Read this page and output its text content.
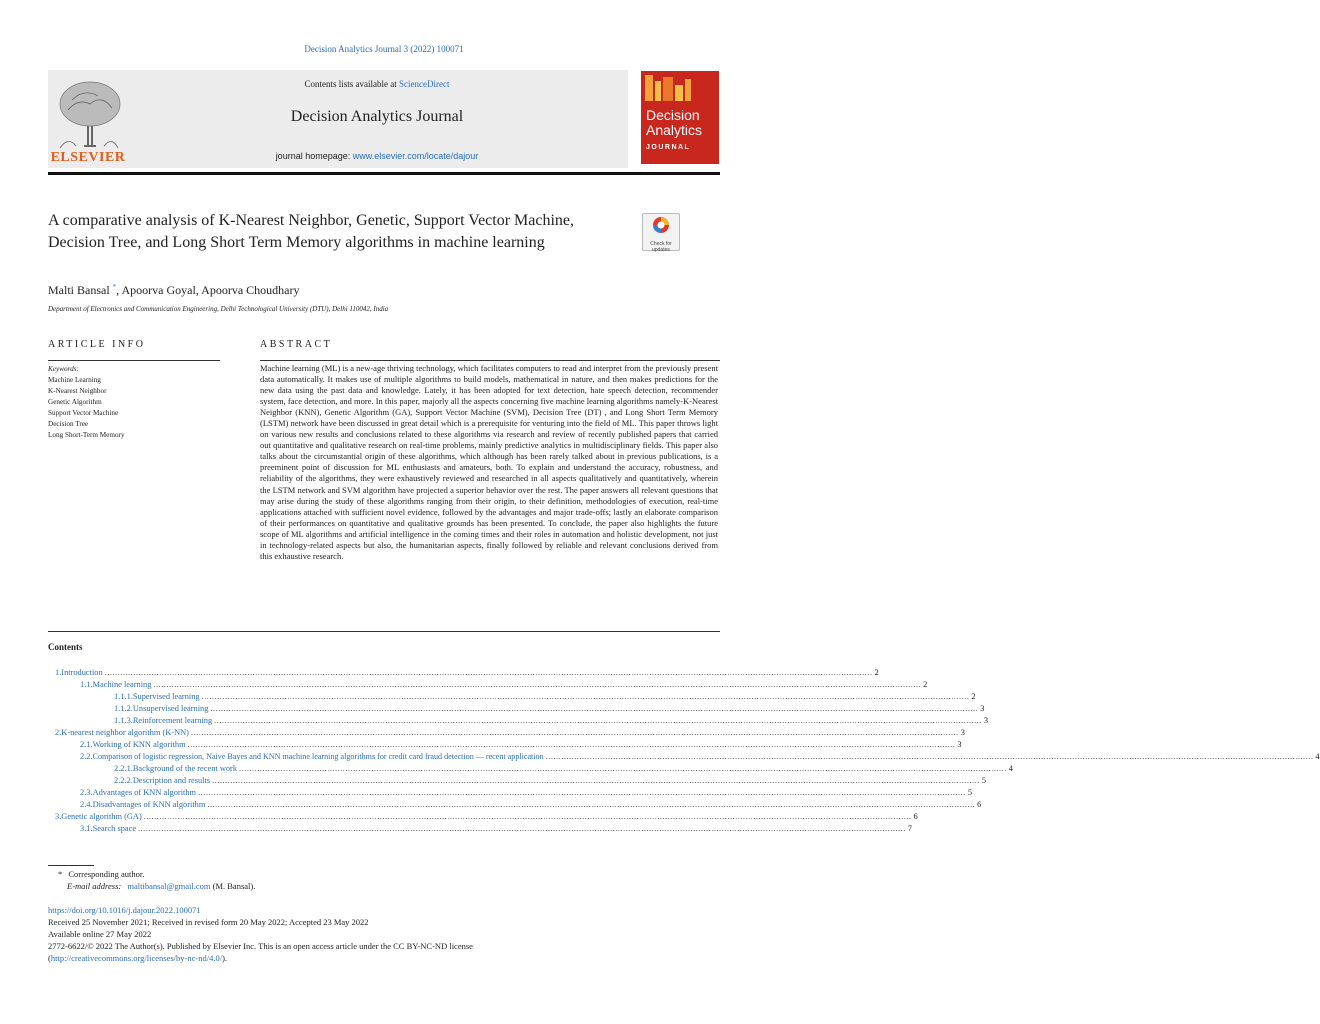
Decision Analytics Journal 3 (2022) 100071
ELSEVIER
Contents lists available at ScienceDirect
Decision Analytics Journal
journal homepage: www.elsevier.com/locate/dajour
Decision
Analytics
JOURNAL
A comparative analysis of K-Nearest Neighbor, Genetic, Support Vector Machine, Decision Tree, and Long Short Term Memory algorithms in machine learning	Check for
updates
Malti Bansal *, Apoorva Goyal, Apoorva Choudhary
Department of Electronics and Communication Engineering, Delhi Technological University (DTU), Delhi 110042, India
ARTICLE INFO
Keywords:
Machine Learning
K-Nearest Neighbor
Genetic Algorithm
Support Vector Machine
Decision Tree
Long Short-Term Memory
ABSTRACT
Machine learning (ML) is a new-age thriving technology, which facilitates computers to read and interpret from the previously present data automatically. It makes use of multiple algorithms to build models, mathematical in nature, and then makes predictions for the new data using the past data and knowledge. Lately, it has been adopted for text detection, hate speech detection, recommender system, face detection, and more. In this paper, majorly all the aspects concerning five machine learning algorithms namely-K-Nearest Neighbor (KNN), Genetic Algorithm (GA), Support Vector Machine (SVM), Decision Tree (DT) , and Long Short Term Memory (LSTM) network have been discussed in great detail which is a prerequisite for venturing into the field of ML. This paper throws light on various new results and conclusions related to these algorithms via research and review of recently published papers that carried out quantitative and qualitative research on real-time problems, mainly predictive analytics in multidisciplinary fields. This paper also talks about the circumstantial origin of these algorithms, which although has been rarely talked about in previous publications, is a preeminent point of discussion for ML enthusiasts and amateurs, both. To explain and understand the accuracy, robustness, and reliability of the algorithms, they were exhaustively reviewed and researched in all aspects qualitatively and quantitatively, wherein the LSTM network and SVM algorithm have projected a superior behavior over the rest. The paper answers all relevant questions that may arise during the study of these algorithms ranging from their origin, to their definition, methodologies of execution, real-time applications attached with sufficient novel evidence, followed by the advantages and major trade-offs; lastly an elaborate comparison of their performances on quantitative and qualitative grounds has been presented. To conclude, the paper also highlights the future scope of ML algorithms and artificial intelligence in the coming times and their roles in automation and holistic development, not just in technology-related aspects but also, the humanitarian aspects, finally followed by reliable and relevant conclusions derived from this exhaustive research.
Contents
1. Introduction ........................................................................................................................................................................................................................................................................................................ 2
1.1. Machine learning ........................................................................................................................................................................................................................................................................................................ 2
1.1.1. Supervised learning ........................................................................................................................................................................................................................................................................................................ 2
1.1.2. Unsupervised learning ........................................................................................................................................................................................................................................................................................................ 3
1.1.3. Reinforcement learning ........................................................................................................................................................................................................................................................................................................ 3
2. K-nearest neighbor algorithm (K-NN) ........................................................................................................................................................................................................................................................................................................ 3
2.1. Working of KNN algorithm ........................................................................................................................................................................................................................................................................................................ 3
2.2. Comparison of logistic regression, Naive Bayes and KNN machine learning algorithms for credit card fraud detection — recent application ........................................................................................................................................................................................................................................................................................................ 4
2.2.1. Background of the recent work ........................................................................................................................................................................................................................................................................................................ 4
2.2.2. Description and results ........................................................................................................................................................................................................................................................................................................ 5
2.3. Advantages of KNN algorithm ........................................................................................................................................................................................................................................................................................................ 5
2.4. Disadvantages of KNN algorithm ........................................................................................................................................................................................................................................................................................................ 6
3. Genetic algorithm (GA) ........................................................................................................................................................................................................................................................................................................ 6
3.1. Search space ........................................................................................................................................................................................................................................................................................................ 7
* Corresponding author.
E-mail address: maltibansal@gmail.com (M. Bansal).
https://doi.org/10.1016/j.dajour.2022.100071
Received 25 November 2021; Received in revised form 20 May 2022; Accepted 23 May 2022
Available online 27 May 2022
2772-6622/© 2022 The Author(s). Published by Elsevier Inc. This is an open access article under the CC BY-NC-ND license
(http://creativecommons.org/licenses/by-nc-nd/4.0/).
